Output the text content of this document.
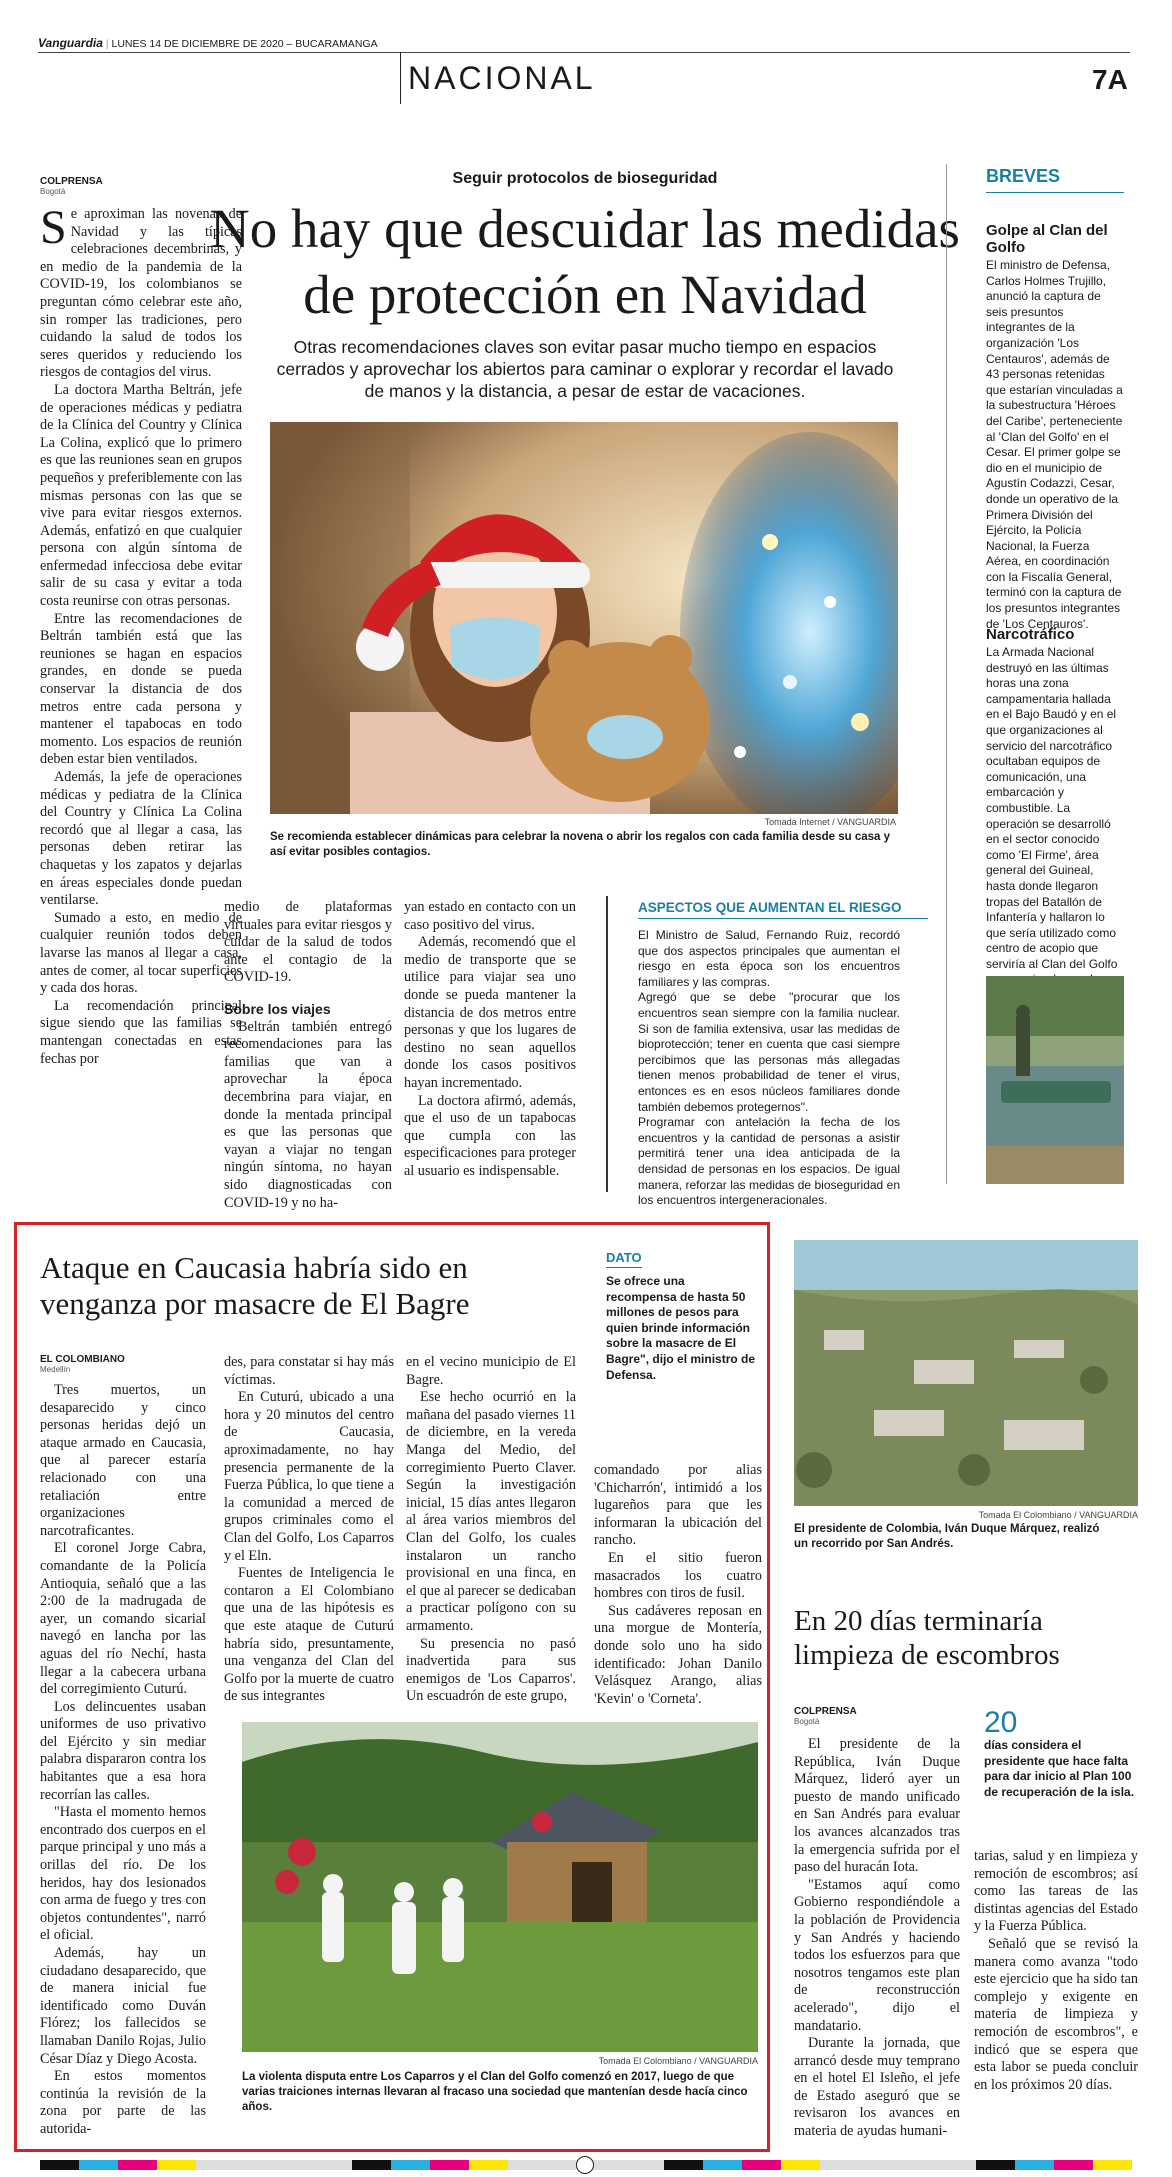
Vanguardia | LUNES 14 DE DICIEMBRE DE 2020 – BUCARAMANGA
NACIONAL	7A
COLPRENSA
Bogotá
Seguir protocolos de bioseguridad
No hay que descuidar las medidas
de protección en Navidad
Otras recomendaciones claves son evitar pasar mucho tiempo en espacios cerrados y aprovechar los abiertos para caminar o explorar y recordar el lavado de manos y la distancia, a pesar de estar de vacaciones.
S e aproximan las novenas de Navidad y las típicas celebraciones decembrinas, y en medio de la pandemia de la COVID-19, los colombianos se preguntan cómo celebrar este año, sin romper las tradiciones, pero cuidando la salud de todos los seres queridos y reduciendo los riesgos de contagios del virus.

La doctora Martha Beltrán, jefe de operaciones médicas y pediatra de la Clínica del Country y Clínica La Colina, explicó que lo primero es que las reuniones sean en grupos pequeños y preferiblemente con las mismas personas con las que se vive para evitar riesgos externos. Además, enfatizó en que cualquier persona con algún síntoma de enfermedad infecciosa debe evitar salir de su casa y evitar a toda costa reunirse con otras personas.

Entre las recomendaciones de Beltrán también está que las reuniones se hagan en espacios grandes, en donde se pueda conservar la distancia de dos metros entre cada persona y mantener el tapabocas en todo momento. Los espacios de reunión deben estar bien ventilados.

Además, la jefe de operaciones médicas y pediatra de la Clínica del Country y Clínica La Colina recordó que al llegar a casa, las personas deben retirar las chaquetas y los zapatos y dejarlas en áreas especiales donde puedan ventilarse.

Sumado a esto, en medio de cualquier reunión todos deben lavarse las manos al llegar a casa, antes de comer, al tocar superficies y cada dos horas.

La recomendación principal sigue siendo que las familias se mantengan conectadas en estas fechas por

Tomada Internet / VANGUARDIA
Se recomienda establecer dinámicas para celebrar la novena o abrir los regalos con cada familia desde su casa y así evitar posibles contagios.

medio de plataformas virtuales para evitar riesgos y cuidar de la salud de todos ante el contagio de la COVID-19.

Sobre los viajes

Beltrán también entregó recomendaciones para las familias que van a aprovechar la época decembrina para viajar, en donde la mentada principal es que las personas que vayan a viajar no tengan ningún síntoma, no hayan sido diagnosticadas con COVID-19 y no ha-

yan estado en contacto con un caso positivo del virus.

Además, recomendó que el medio de transporte que se utilice para viajar sea uno donde se pueda mantener la distancia de dos metros entre personas y que los lugares de destino no sean aquellos donde los casos positivos hayan incrementado.

La doctora afirmó, además, que el uso de un tapabocas que cumpla con las especificaciones para proteger al usuario es indispensable.

ASPECTOS QUE AUMENTAN EL RIESGO

El Ministro de Salud, Fernando Ruiz, recordó que dos aspectos principales que aumentan el riesgo en esta época son los encuentros familiares y las compras.

Agregó que se debe "procurar que los encuentros sean siempre con la familia nuclear. Si son de familia extensiva, usar las medidas de bioprotección; tener en cuenta que casi siempre percibimos que las personas más allegadas tienen menos probabilidad de tener el virus, entonces es en esos núcleos familiares donde también debemos protegernos".

Programar con antelación la fecha de los encuentros y la cantidad de personas a asistir permitirá tener una idea anticipada de la densidad de personas en los espacios. De igual manera, reforzar las medidas de bioseguridad en los encuentros intergeneracionales.

BREVES
Golpe al Clan del Golfo

El ministro de Defensa, Carlos Holmes Trujillo, anunció la captura de seis presuntos integrantes de la organización 'Los Centauros', además de 43 personas retenidas que estarían vinculadas a la subestructura 'Héroes del Caribe', perteneciente al 'Clan del Golfo' en el Cesar. El primer golpe se dio en el municipio de Agustín Codazzi, Cesar, donde un operativo de la Primera División del Ejército, la Policía Nacional, la Fuerza Aérea, en coordinación con la Fiscalía General, terminó con la captura de los presuntos integrantes de 'Los Centauros'.

Narcotráfico

La Armada Nacional destruyó en las últimas horas una zona campamentaria hallada en el Bajo Baudó y en el que organizaciones al servicio del narcotráfico ocultaban equipos de comunicación, una embarcación y combustible. La operación se desarrolló en el sector conocido como 'El Firme', área general del Guineal, hasta donde llegaron tropas del Batallón de Infantería y hallaron lo que sería utilizado como centro de acopio que serviría al Clan del Golfo

Ataque en Caucasia habría sido en
venganza por masacre de El Bagre
DATO
Se ofrece una recompensa de hasta 50 millones de pesos para quien brinde información sobre la masacre de El Bagre", dijo el ministro de Defensa.
EL COLOMBIANO
Medellín

Tres muertos, un desaparecido y cinco personas heridas dejó un ataque armado en Caucasia, que al parecer estaría relacionado con una retaliación entre organizaciones narcotraficantes.

El coronel Jorge Cabra, comandante de la Policía Antioquia, señaló que a las 2:00 de la madrugada de ayer, un comando sicarial navegó en lancha por las aguas del río Nechí, hasta llegar a la cabecera urbana del corregimiento Cuturú.

Los delincuentes usaban uniformes de uso privativo del Ejército y sin mediar palabra dispararon contra los habitantes que a esa hora recorrían las calles.

"Hasta el momento hemos encontrado dos cuerpos en el parque principal y uno más a orillas del río. De los heridos, hay dos lesionados con arma de fuego y tres con objetos contundentes", narró el oficial.

Además, hay un ciudadano desaparecido, que de manera inicial fue identificado como Duván Flórez; los fallecidos se llamaban Danilo Rojas, Julio César Díaz y Diego Acosta.

En estos momentos continúa la revisión de la zona por parte de las autorida-

des, para constatar si hay más víctimas.

En Cuturú, ubicado a una hora y 20 minutos del centro de Caucasia, aproximadamente, no hay presencia permanente de la Fuerza Pública, lo que tiene a la comunidad a merced de grupos criminales como el Clan del Golfo, Los Caparros y el Eln.

Fuentes de Inteligencia le contaron a El Colombiano que una de las hipótesis es que este ataque de Cuturú habría sido, presuntamente, una venganza del Clan del Golfo por la muerte de cuatro de sus integrantes

en el vecino municipio de El Bagre.

Ese hecho ocurrió en la mañana del pasado viernes 11 de diciembre, en la vereda Manga del Medio, del corregimiento Puerto Claver. Según la investigación inicial, 15 días antes llegaron al área varios miembros del Clan del Golfo, los cuales instalaron un rancho provisional en una finca, en el que al parecer se dedicaban a practicar polígono con su armamento.

Su presencia no pasó inadvertida para sus enemigos de 'Los Caparros'. Un escuadrón de este grupo,

comandado por alias 'Chicharrón', intimidó a los lugareños para que les informaran la ubicación del rancho.

En el sitio fueron masacrados los cuatro hombres con tiros de fusil.

Sus cadáveres reposan en una morgue de Montería, donde solo uno ha sido identificado: Johan Danilo Velásquez Arango, alias 'Kevin' o 'Corneta'.

Tomada El Colombiano / VANGUARDIA
La violenta disputa entre Los Caparros y el Clan del Golfo comenzó en 2017, luego de que varias traiciones internas llevaran al fracaso una sociedad que mantenían desde hacía cinco años.
Tomada El Colombiano / VANGUARDIA
El presidente de Colombia, Iván Duque Márquez, realizó un recorrido por San Andrés.
En 20 días terminaría
limpieza de escombros
COLPRENSA
Bogotá	20
días considera el presidente que hace falta para dar inicio al Plan 100 de recuperación de la isla.

El presidente de la República, Iván Duque Márquez, lideró ayer un puesto de mando unificado en San Andrés para evaluar los avances alcanzados tras la emergencia sufrida por el paso del huracán Iota.

"Estamos aquí como Gobierno respondiéndole a la población de Providencia y San Andrés y haciendo todos los esfuerzos para que nosotros tengamos este plan de reconstrucción acelerado", dijo el mandatario.

Durante la jornada, que arrancó desde muy temprano en el hotel El Isleño, el jefe de Estado aseguró que se revisaron los avances en materia de ayudas humani-

tarias, salud y en limpieza y remoción de escombros; así como las tareas de las distintas agencias del Estado y la Fuerza Pública.

Señaló que se revisó la manera como avanza "todo este ejercicio que ha sido tan complejo y exigente en materia de limpieza y remoción de escombros", e indicó que se espera que esta labor se pueda concluir en los próximos 20 días.
